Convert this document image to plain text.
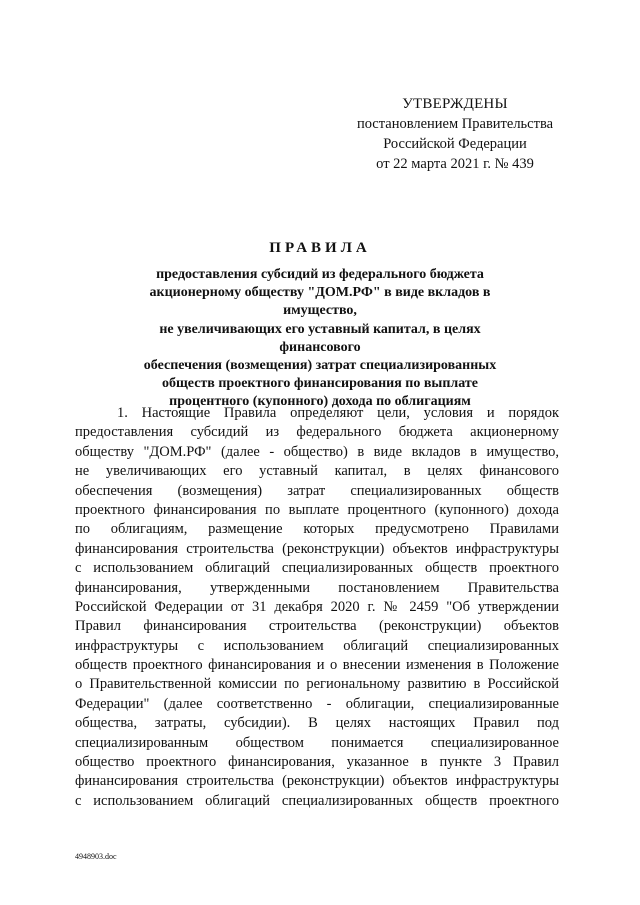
УТВЕРЖДЕНЫ
постановлением Правительства
Российской Федерации
от 22 марта 2021 г. № 439
ПРАВИЛА
предоставления субсидий из федерального бюджета
акционерному обществу "ДОМ.РФ" в виде вкладов в имущество,
не увеличивающих его уставный капитал, в целях финансового
обеспечения (возмещения) затрат специализированных
обществ проектного финансирования по выплате
процентного (купонного) дохода по облигациям
1. Настоящие Правила определяют цели, условия и порядок
предоставления субсидий из федерального бюджета акционерному
обществу "ДОМ.РФ" (далее - общество) в виде вкладов в имущество,
не увеличивающих его уставный капитал, в целях финансового
обеспечения (возмещения) затрат специализированных обществ
проектного финансирования по выплате процентного (купонного) дохода
по облигациям, размещение которых предусмотрено Правилами
финансирования строительства (реконструкции) объектов инфраструктуры
с использованием облигаций специализированных обществ проектного
финансирования, утвержденными постановлением Правительства
Российской Федерации от 31 декабря 2020 г. № 2459 "Об утверждении
Правил финансирования строительства (реконструкции) объектов
инфраструктуры с использованием облигаций специализированных
обществ проектного финансирования и о внесении изменения в Положение
о Правительственной комиссии по региональному развитию в Российской
Федерации" (далее соответственно - облигации, специализированные
общества, затраты, субсидии). В целях настоящих Правил под
специализированным обществом понимается специализированное
общество проектного финансирования, указанное в пункте 3 Правил
финансирования строительства (реконструкции) объектов инфраструктуры
с использованием облигаций специализированных обществ проектного
4948903.doc
